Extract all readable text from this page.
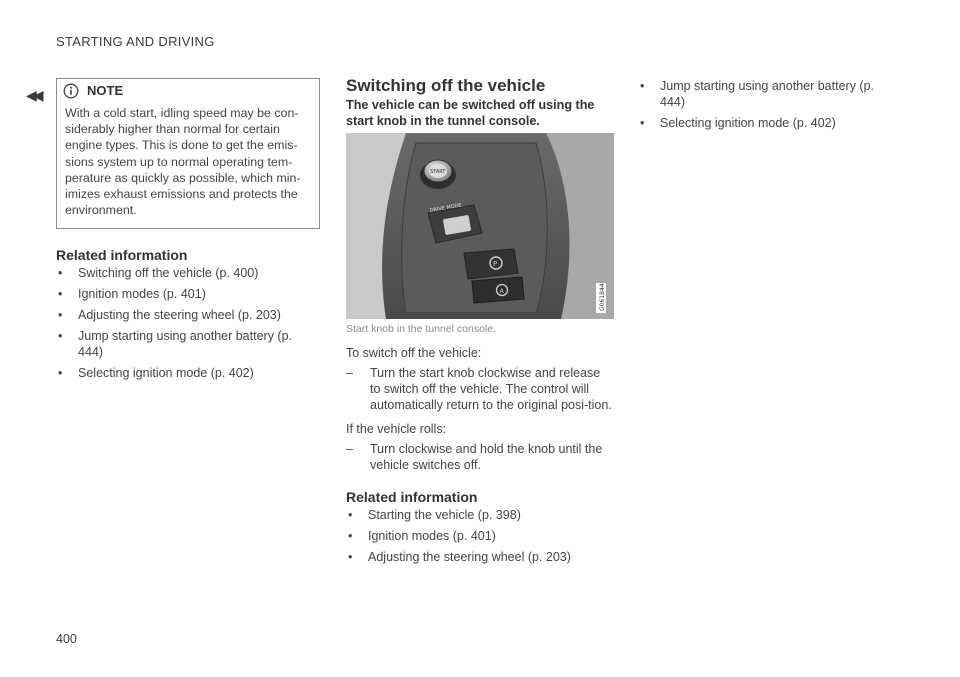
STARTING AND DRIVING
◀◀	NOTE
With a cold start, idling speed may be con-siderably higher than normal for certain engine types. This is done to get the emis-sions system up to normal operating tem-perature as quickly as possible, which min-imizes exhaust emissions and protects the environment.
Related information
• Switching off the vehicle (p. 400)
• Ignition modes (p. 401)
• Adjusting the steering wheel (p. 203)
• Jump starting using another battery (p. 444)
• Selecting ignition mode (p. 402)
Switching off the vehicle
The vehicle can be switched off using the start knob in the tunnel console.
START
DRIVE MODE
P
A	G061844
Start knob in the tunnel console.
To switch off the vehicle:
– Turn the start knob clockwise and release to switch off the vehicle. The control will automatically return to the original posi-tion.
If the vehicle rolls:
– Turn clockwise and hold the knob until the vehicle switches off.
Related information
• Starting the vehicle (p. 398)
• Ignition modes (p. 401)
• Adjusting the steering wheel (p. 203)
• Jump starting using another battery (p. 444)
• Selecting ignition mode (p. 402)
400
